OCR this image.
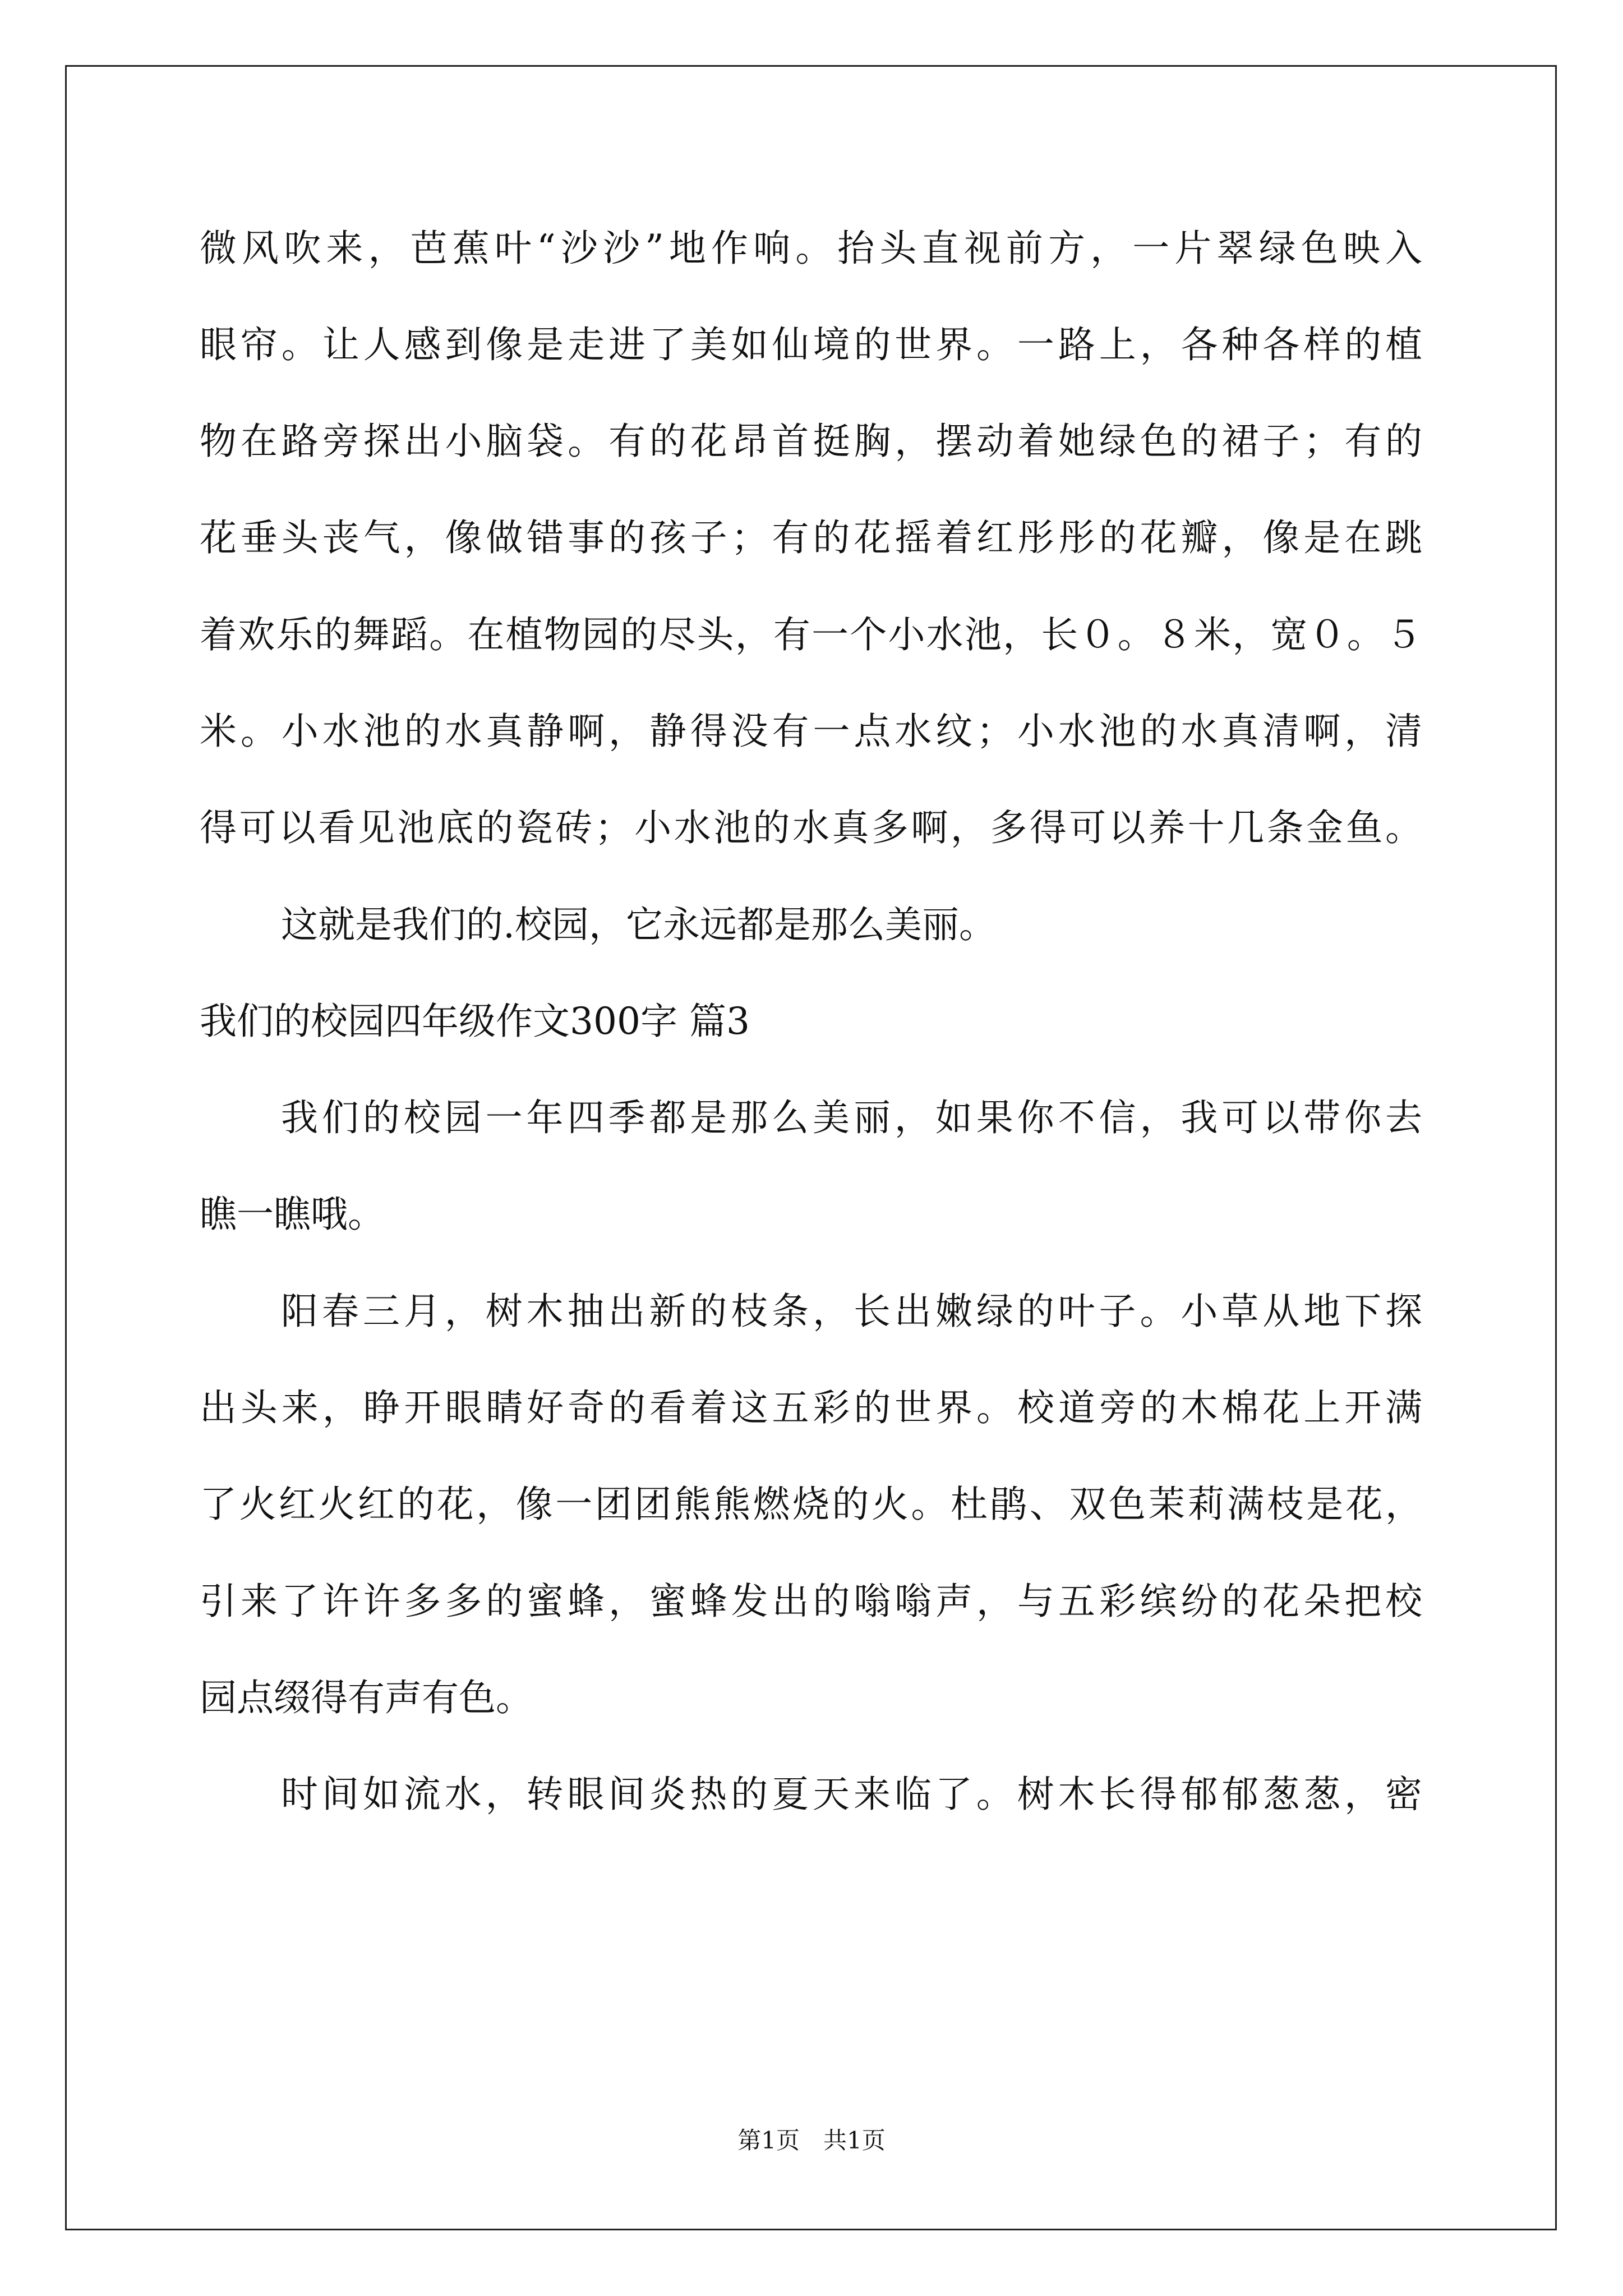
微风吹来，芭蕉叶“沙沙”地作响。抬头直视前方，一片翠绿色映入
眼帘。让人感到像是走进了美如仙境的世界。一路上，各种各样的植
物在路旁探出小脑袋。有的花昂首挺胸，摆动着她绿色的裙子；有的
花垂头丧气，像做错事的孩子；有的花摇着红彤彤的花瓣，像是在跳
着欢乐的舞蹈。在植物园的尽头，有一个小水池，长０。８米，宽０。５
米。小水池的水真静啊，静得没有一点水纹；小水池的水真清啊，清
得可以看见池底的瓷砖；小水池的水真多啊，多得可以养十几条金鱼。
这就是我们的.校园，它永远都是那么美丽。
我们的校园四年级作文300字 篇3
我们的校园一年四季都是那么美丽，如果你不信，我可以带你去
瞧一瞧哦。
阳春三月，树木抽出新的枝条，长出嫩绿的叶子。小草从地下探
出头来，睁开眼睛好奇的看着这五彩的世界。校道旁的木棉花上开满
了火红火红的花，像一团团熊熊燃烧的火。杜鹃、双色茉莉满枝是花，
引来了许许多多的蜜蜂，蜜蜂发出的嗡嗡声，与五彩缤纷的花朵把校
园点缀得有声有色。
时间如流水，转眼间炎热的夏天来临了。树木长得郁郁葱葱，密
第1页　共1页
